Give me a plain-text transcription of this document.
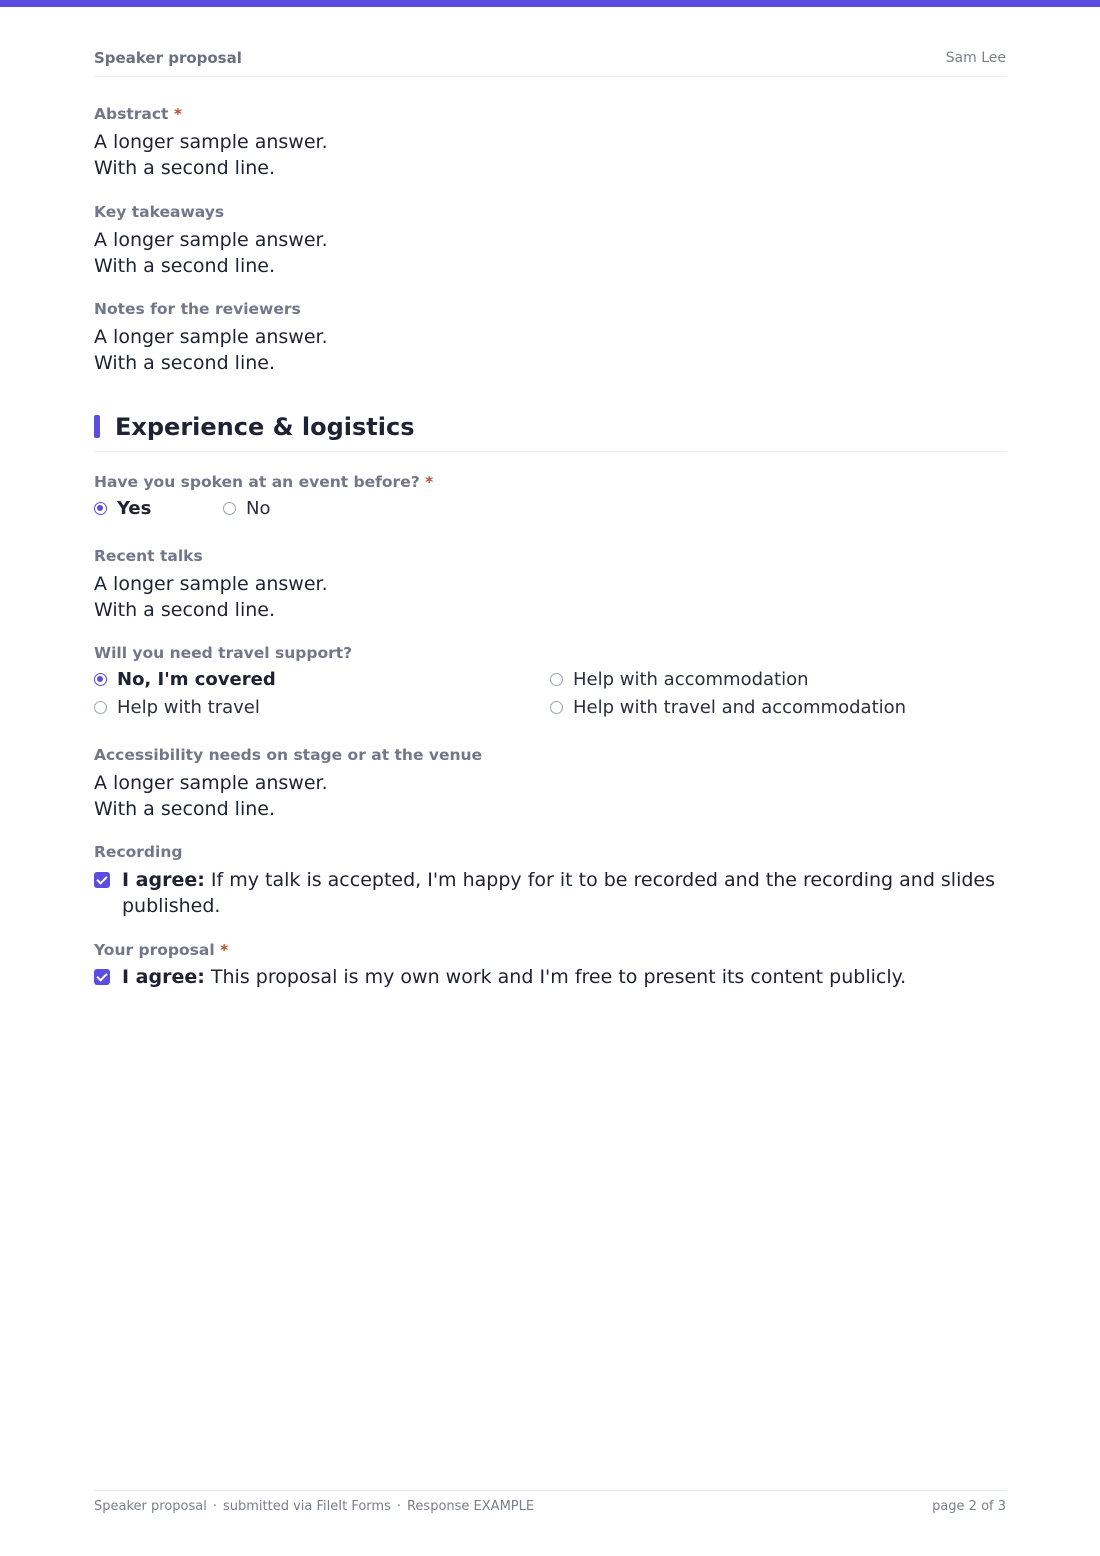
Speaker proposal	Sam Lee

Abstract *

A longer sample answer.
With a second line.

Key takeaways

A longer sample answer.
With a second line.

Notes for the reviewers

A longer sample answer.
With a second line.
Experience & logistics

Have you spoken at an event before? *

Yes	No

Recent talks

A longer sample answer.
With a second line.

Will you need travel support?

No, I'm covered	Help with accommodation
Help with travel	Help with travel and accommodation

Accessibility needs on stage or at the venue

A longer sample answer.
With a second line.

Recording

I agree: If my talk is accepted, I'm happy for it to be recorded and the recording and slides published.

Your proposal *

I agree: This proposal is my own work and I'm free to present its content publicly.
Speaker proposal · submitted via FileIt Forms · Response EXAMPLE	page 2 of 3
